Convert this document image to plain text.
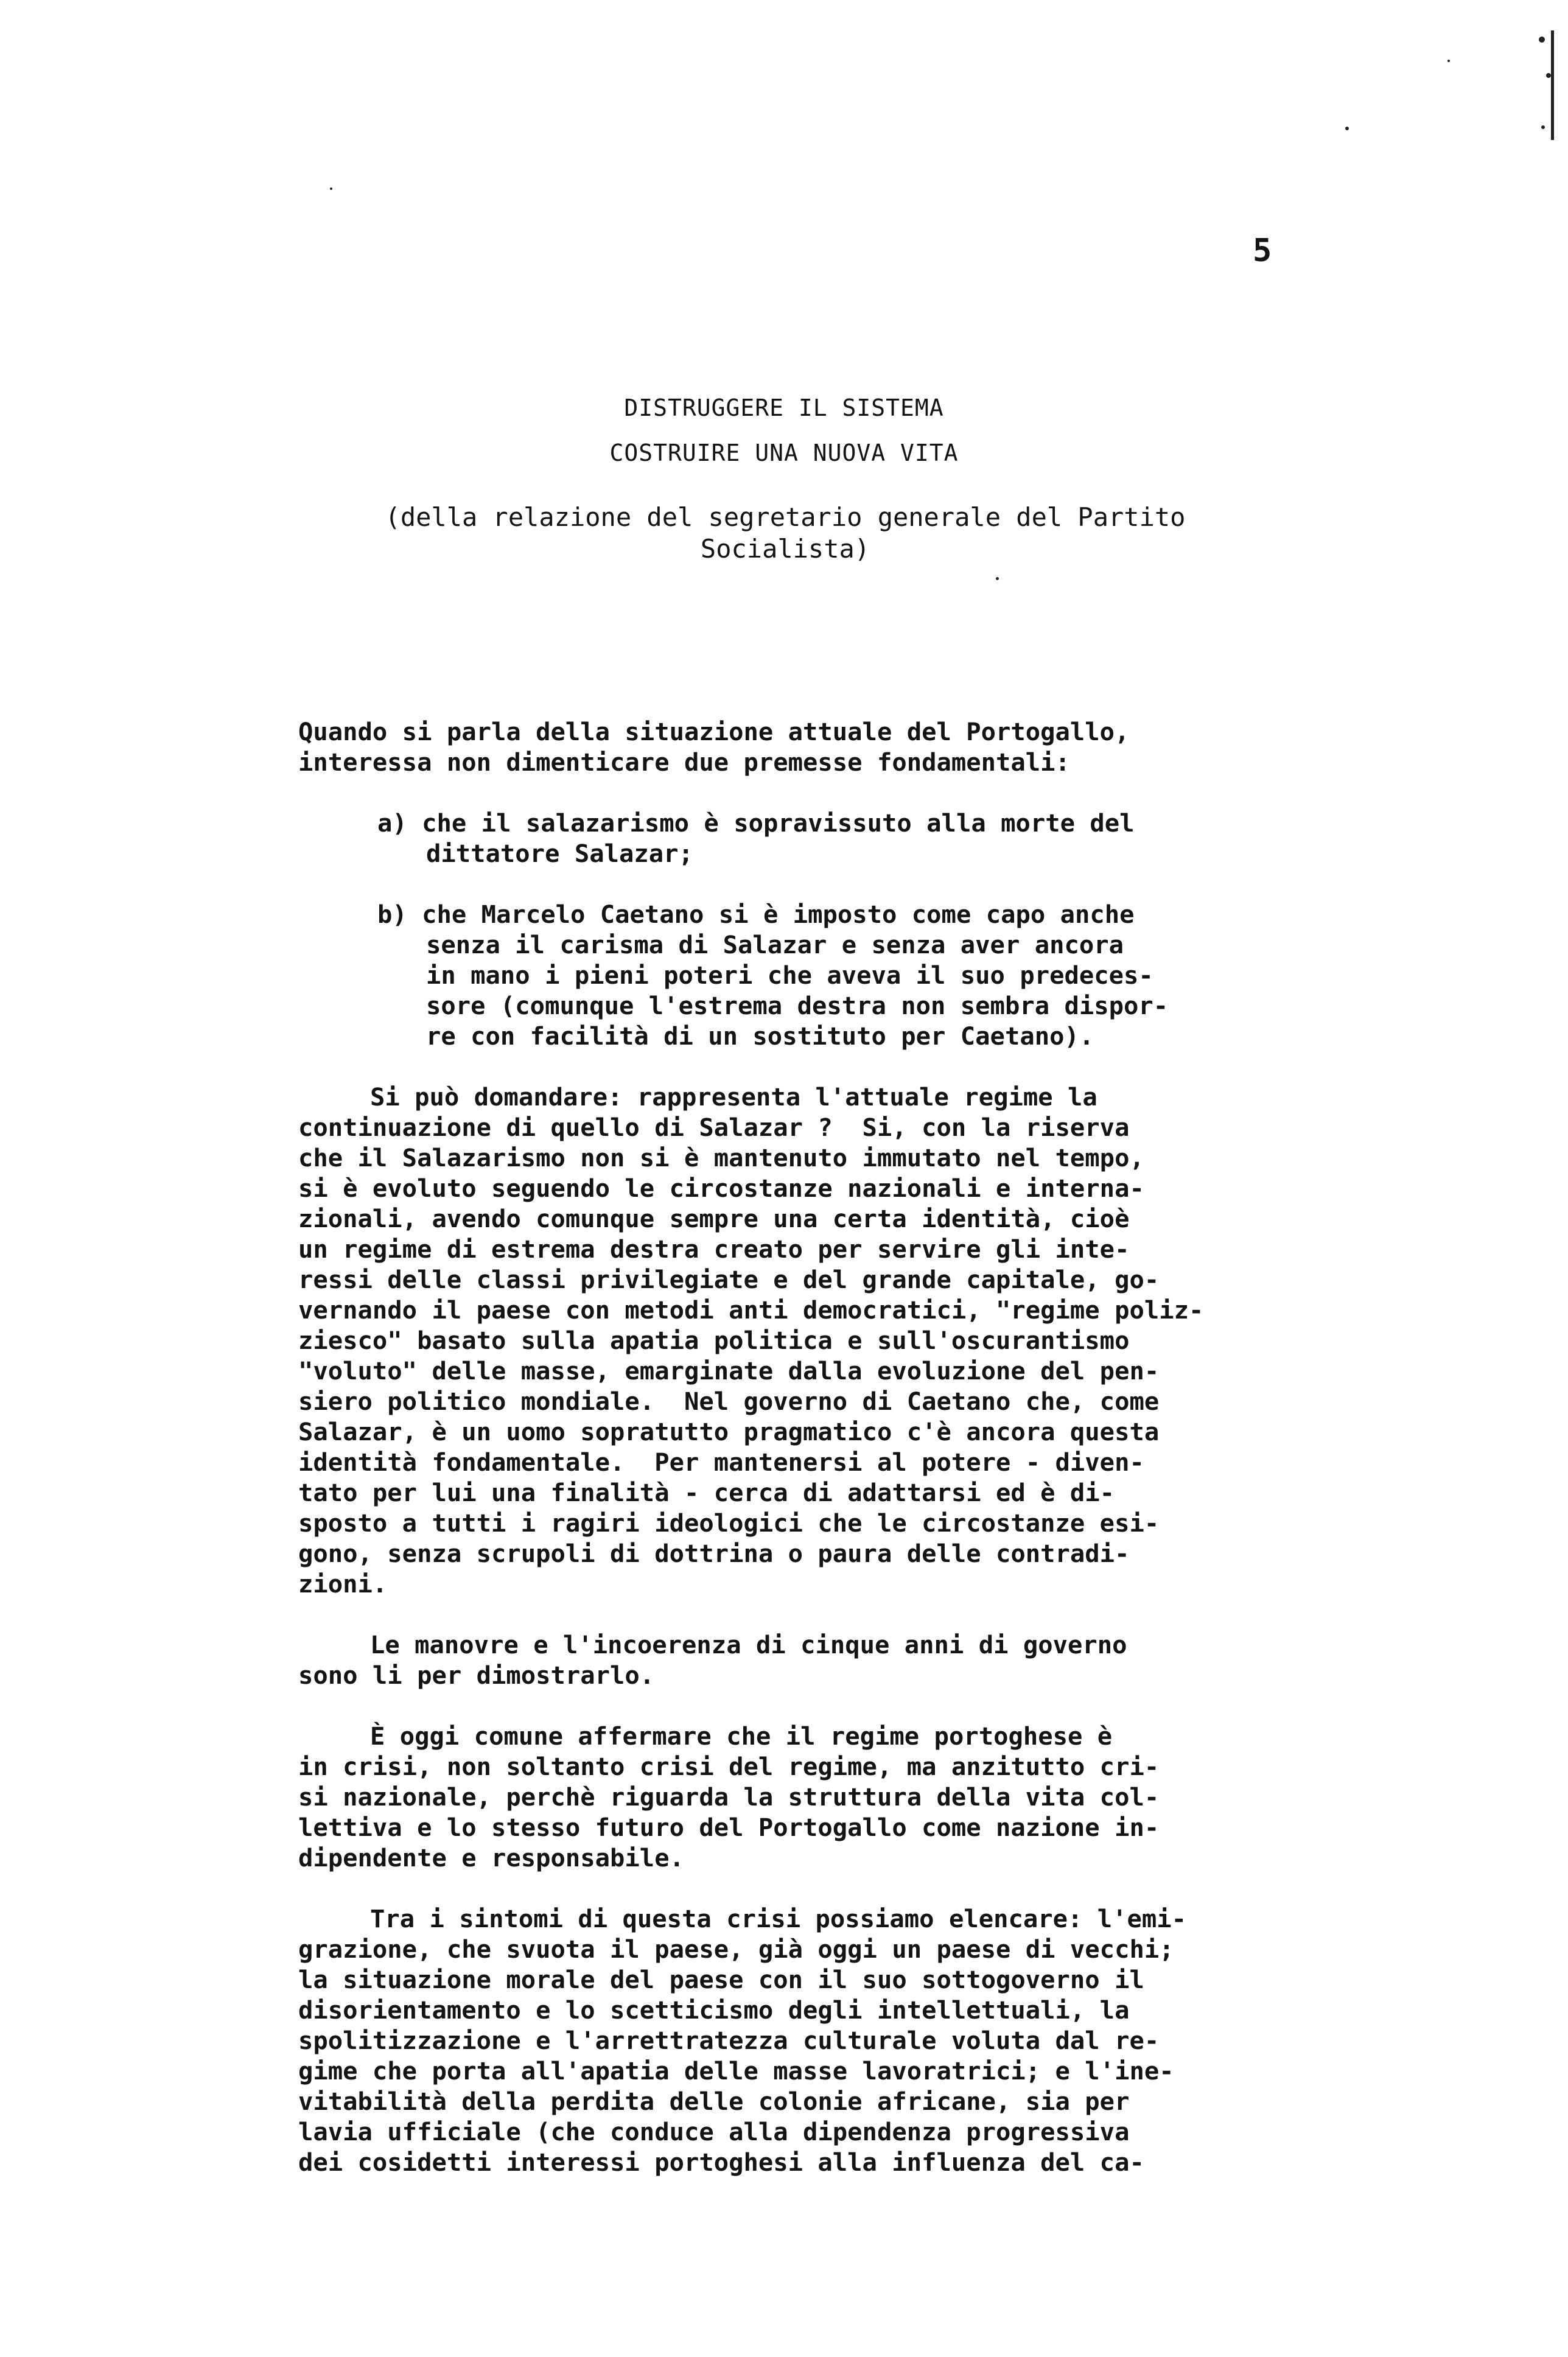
5
DISTRUGGERE IL SISTEMA
COSTRUIRE UNA NUOVA VITA
(della relazione del segretario generale del Partito Socialista)
Quando si parla della situazione attuale del Portogallo,
interessa non dimenticare due premesse fondamentali:
a) che il salazarismo è sopravissuto alla morte del
dittatore Salazar;
b) che Marcelo Caetano si è imposto come capo anche
senza il carisma di Salazar e senza aver ancora
in mano i pieni poteri che aveva il suo predeces-
sore (comunque l'estrema destra non sembra dispor-
re con facilità di un sostituto per Caetano).
Si può domandare: rappresenta l'attuale regime la
continuazione di quello di Salazar ?  Si, con la riserva
che il Salazarismo non si è mantenuto immutato nel tempo,
si è evoluto seguendo le circostanze nazionali e interna-
zionali, avendo comunque sempre una certa identità, cioè
un regime di estrema destra creato per servire gli inte-
ressi delle classi privilegiate e del grande capitale, go-
vernando il paese con metodi anti democratici, "regime poliz-
ziesco" basato sulla apatia politica e sull'oscurantismo
"voluto" delle masse, emarginate dalla evoluzione del pen-
siero politico mondiale.  Nel governo di Caetano che, come
Salazar, è un uomo sopratutto pragmatico c'è ancora questa
identità fondamentale.  Per mantenersi al potere - diven-
tato per lui una finalità - cerca di adattarsi ed è di-
sposto a tutti i ragiri ideologici che le circostanze esi-
gono, senza scrupoli di dottrina o paura delle contradi-
zioni.
Le manovre e l'incoerenza di cinque anni di governo
sono li per dimostrarlo.
È oggi comune affermare che il regime portoghese è
in crisi, non soltanto crisi del regime, ma anzitutto cri-
si nazionale, perchè riguarda la struttura della vita col-
lettiva e lo stesso futuro del Portogallo come nazione in-
dipendente e responsabile.
Tra i sintomi di questa crisi possiamo elencare: l'emi-
grazione, che svuota il paese, già oggi un paese di vecchi;
la situazione morale del paese con il suo sottogoverno il
disorientamento e lo scetticismo degli intellettuali, la
spolitizzazione e l'arrettratezza culturale voluta dal re-
gime che porta all'apatia delle masse lavoratrici; e l'ine-
vitabilità della perdita delle colonie africane, sia per
lavia ufficiale (che conduce alla dipendenza progressiva
dei cosidetti interessi portoghesi alla influenza del ca-
